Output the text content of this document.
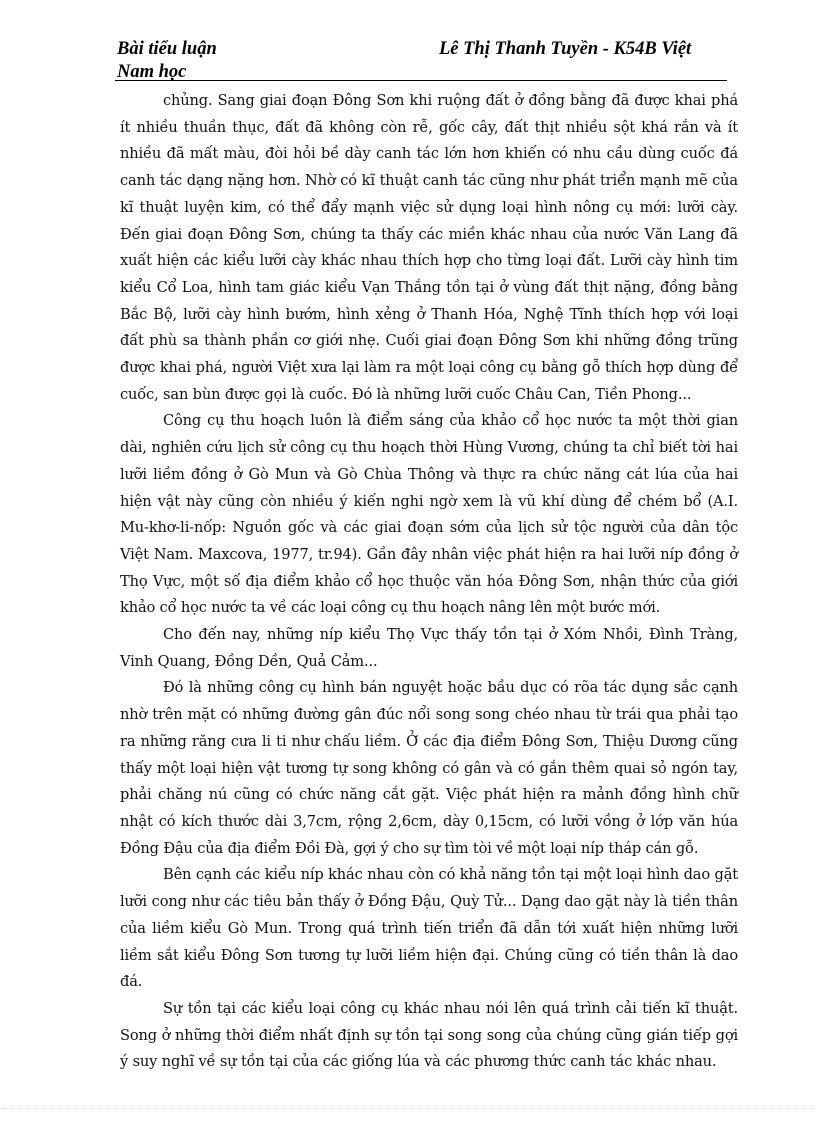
Bài tiểu luận	Lê Thị Thanh Tuyền - K54B Việt
Nam học

chủng. Sang giai đoạn Đông Sơn khi ruộng đất ở đồng bằng đã được khai phá ít nhiều thuần thục, đất đã không còn rễ, gốc cây, đất thịt nhiều sột khá rắn và ít nhiều đã mất màu, đòi hỏi bề dày canh tác lớn hơn khiến có nhu cầu dùng cuốc đá canh tác dạng nặng hơn. Nhờ có kĩ thuật canh tác cũng như phát triển mạnh mẽ của kĩ thuật luyện kim, có thể đẩy mạnh việc sử dụng loại hình nông cụ mới: lưỡi cày. Đến giai đoạn Đông Sơn, chúng ta thấy các miền khác nhau của nước Văn Lang đã xuất hiện các kiểu lưỡi cày khác nhau thích hợp cho từng loại đất. Lưỡi cày hình tim kiểu Cổ Loa, hình tam giác kiểu Vạn Thắng tồn tại ở vùng đất thịt nặng, đồng bằng Bắc Bộ, lưỡi cày hình bướm, hình xẻng ở Thanh Hóa, Nghệ Tĩnh thích hợp với loại đất phù sa thành phần cơ giới nhẹ. Cuối giai đoạn Đông Sơn khi những đồng trũng được khai phá, người Việt xưa lại làm ra một loại công cụ bằng gỗ thích hợp dùng để cuốc, san bùn được gọi là cuốc. Đó là những lưỡi cuốc Châu Can, Tiền Phong...

Công cụ thu hoạch luôn là điểm sáng của khảo cổ học nước ta một thời gian dài, nghiên cứu lịch sử công cụ thu hoạch thời Hùng Vương, chúng ta chỉ biết tời hai lưỡi liềm đồng ở Gò Mun và Gò Chùa Thông và thực ra chức năng cát lúa của hai hiện vật này cũng còn nhiều ý kiến nghi ngờ xem là vũ khí dùng để chém bổ (A.I. Mu-khơ-li-nốp: Nguồn gốc và các giai đoạn sớm của lịch sử tộc người của dân tộc Việt Nam. Maxcova, 1977, tr.94). Gần đây nhân việc phát hiện ra hai lưỡi níp đồng ở Thọ Vực, một số địa điểm khảo cổ học thuộc văn hóa Đông Sơn, nhận thức của giới khảo cổ học nước ta về các loại công cụ thu hoạch nâng lên một bước mới.

Cho đến nay, những níp kiểu Thọ Vực thấy tồn tại ở Xóm Nhồi, Đình Tràng, Vinh Quang, Đồng Dền, Quả Cảm...

Đó là những công cụ hình bán nguyệt hoặc bầu dục có rõa tác dụng sắc cạnh nhờ trên mặt có những đường gân đúc nổi song song chéo nhau từ trái qua phải tạo ra những răng cưa li ti như chấu liềm. Ở các địa điểm Đông Sơn, Thiệu Dương cũng thấy một loại hiện vật tương tự song không có gân và có gắn thêm quai sỏ ngón tay, phải chăng nú cũng có chức năng cắt gặt. Việc phát hiện ra mảnh đồng hình chữ nhật có kích thước dài 3,7cm, rộng 2,6cm, dày 0,15cm, có lưỡi vồng ở lớp văn húa Đồng Đậu của địa điểm Đồi Đà, gợi ý cho sự tìm tòi về một loại níp tháp cán gỗ.

Bên cạnh các kiểu níp khác nhau còn có khả năng tồn tại một loại hình dao gặt lưỡi cong như các tiêu bản thấy ở Đồng Đậu, Quỳ Tử... Dạng dao gặt này là tiền thân của liềm kiểu Gò Mun. Trong quá trình tiến triển đã dẫn tới xuất hiện những lưỡi liềm sắt kiểu Đông Sơn tương tự lưỡi liềm hiện đại. Chúng cũng có tiền thân là dao đá.

Sự tồn tại các kiểu loại công cụ khác nhau nói lên quá trình cải tiến kĩ thuật. Song ở những thời điểm nhất định sự tồn tại song song của chúng cũng gián tiếp gợi ý suy nghĩ về sự tồn tại của các giống lúa và các phương thức canh tác khác nhau.
